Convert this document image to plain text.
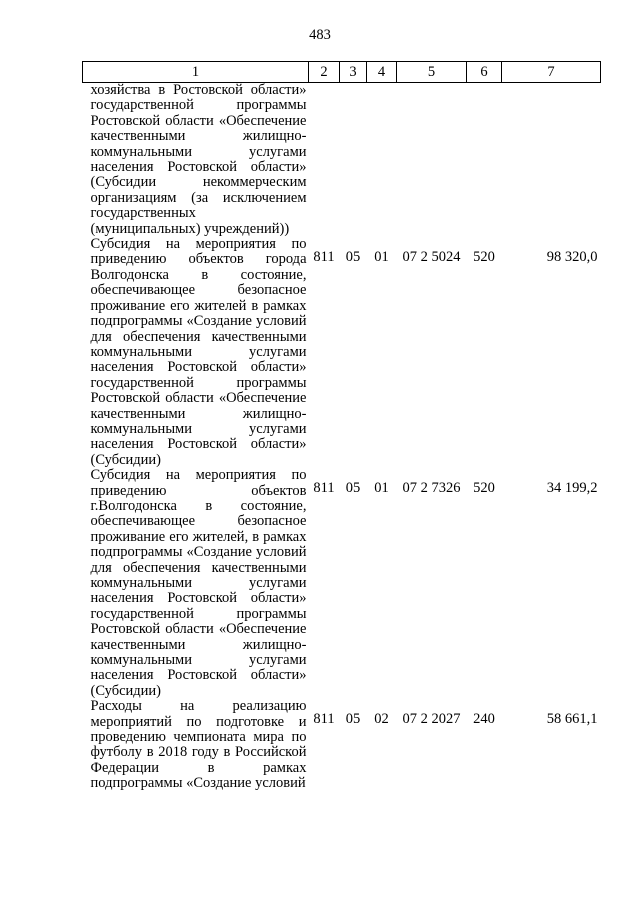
483
1	2	3	4	5	6	7
хозяйства в Ростовской области» государственной программы Ростовской области «Обеспечение качественными жилищно-коммунальными услугами населения Ростовской области» (Субсидии некоммерческим организациям (за исключением государственных (муниципальных) учреждений))						
Субсидия на мероприятия по приведению объектов города Волгодонска в состояние, обеспечивающее безопасное проживание его жителей в рамках подпрограммы «Создание условий для обеспечения качественными коммунальными услугами населения Ростовской области» государственной программы Ростовской области «Обеспечение качественными жилищно-коммунальными услугами населения Ростовской области» (Субсидии)	811	05	01	07 2 5024	520	98 320,0
Субсидия на мероприятия по приведению объектов г.Волгодонска в состояние, обеспечивающее безопасное проживание его жителей, в рамках подпрограммы «Создание условий для обеспечения качественными коммунальными услугами населения Ростовской области» государственной программы Ростовской области «Обеспечение качественными жилищно-коммунальными услугами населения Ростовской области» (Субсидии)	811	05	01	07 2 7326	520	34 199,2
Расходы на реализацию мероприятий по подготовке и проведению чемпионата мира по футболу в 2018 году в Российской Федерации в рамках подпрограммы «Создание условий	811	05	02	07 2 2027	240	58 661,1
